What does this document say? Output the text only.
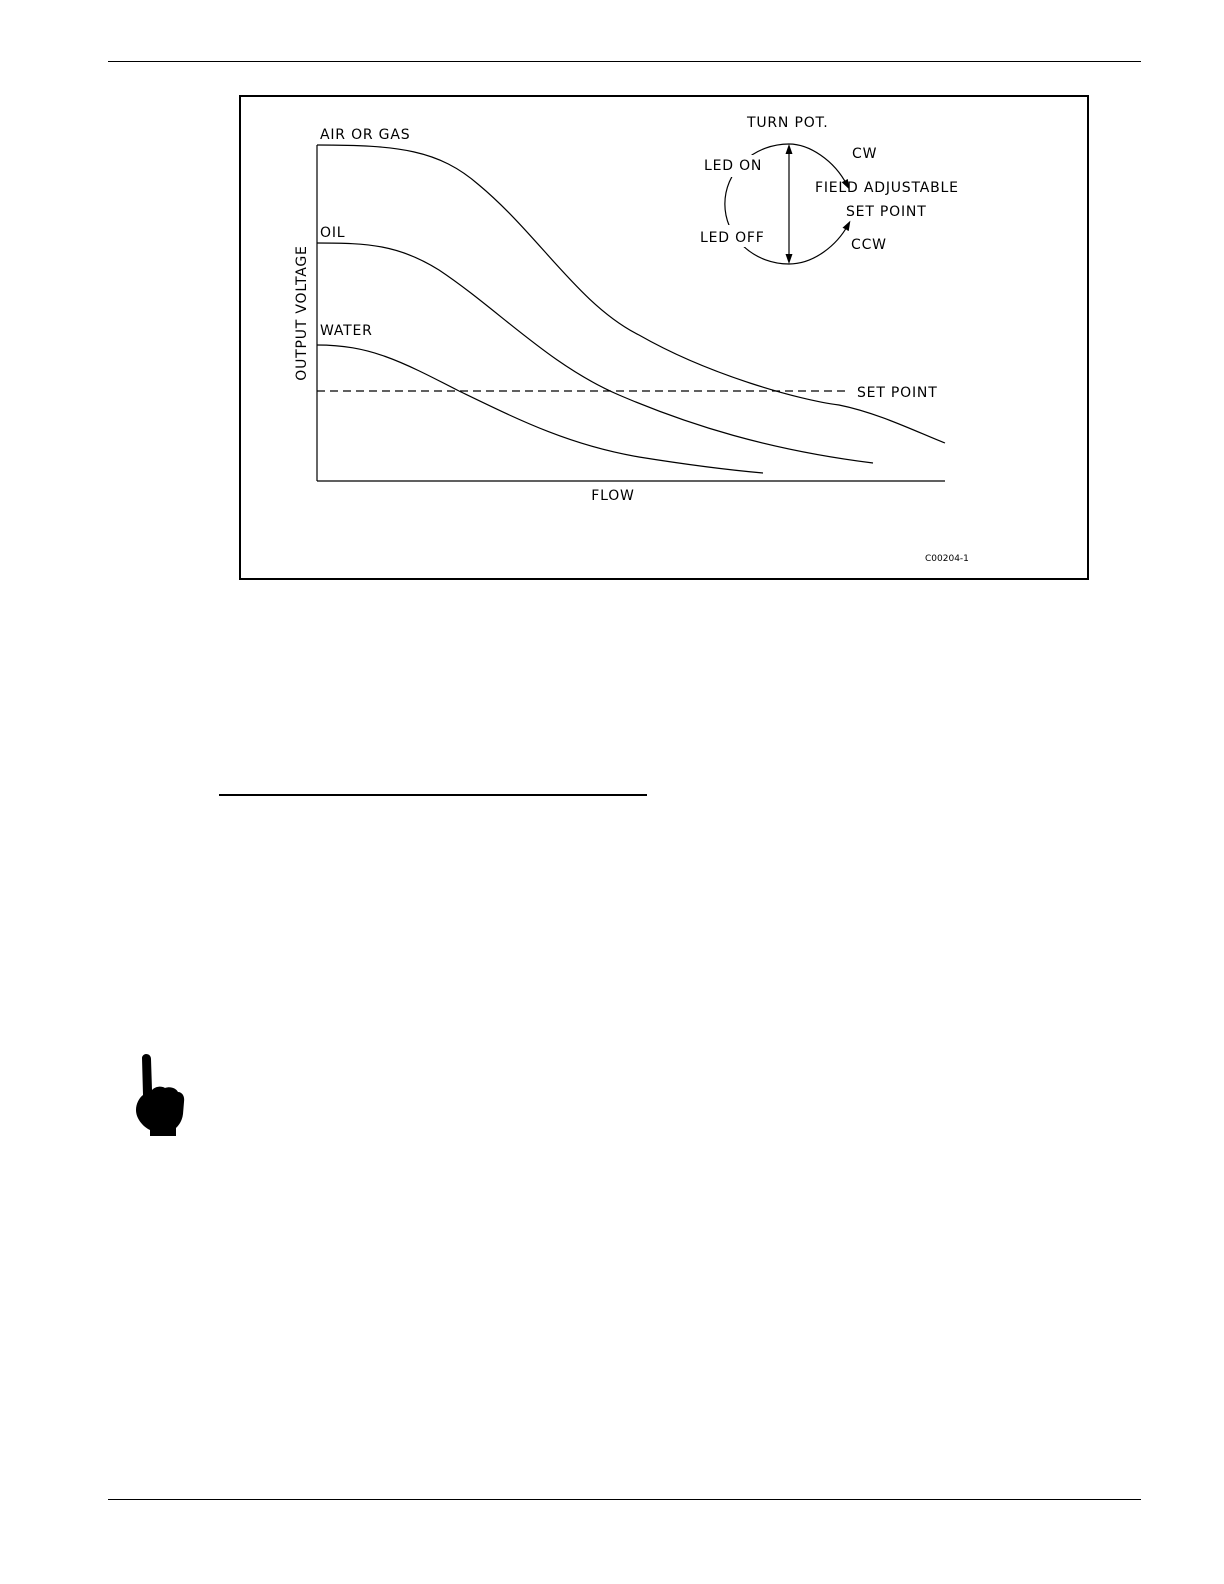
AIR OR GAS
OIL
WATER
OUTPUT VOLTAGE
FLOW
SET POINT
TURN POT.
CW
LED ON
FIELD ADJUSTABLE
SET POINT
LED OFF	CCW
C00204-1
